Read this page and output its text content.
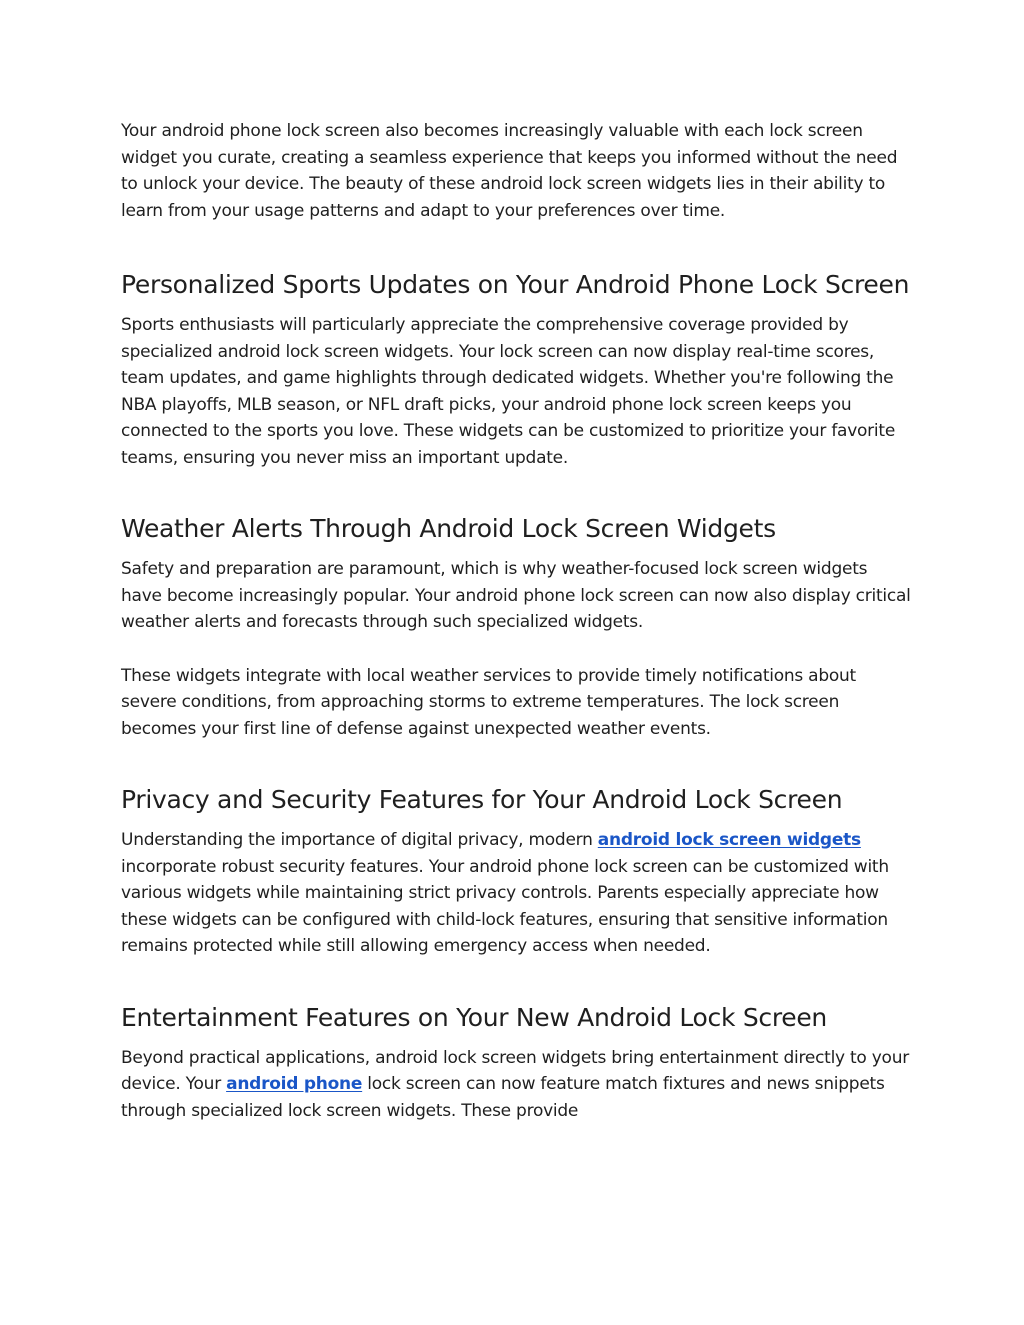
Your android phone lock screen also becomes increasingly valuable with each lock screen widget you curate, creating a seamless experience that keeps you informed without the need to unlock your device. The beauty of these android lock screen widgets lies in their ability to learn from your usage patterns and adapt to your preferences over time.

Personalized Sports Updates on Your Android Phone Lock Screen

Sports enthusiasts will particularly appreciate the comprehensive coverage provided by specialized android lock screen widgets. Your lock screen can now display real-time scores, team updates, and game highlights through dedicated widgets. Whether you're following the NBA playoffs, MLB season, or NFL draft picks, your android phone lock screen keeps you connected to the sports you love. These widgets can be customized to prioritize your favorite teams, ensuring you never miss an important update.

Weather Alerts Through Android Lock Screen Widgets

Safety and preparation are paramount, which is why weather-focused lock screen widgets have become increasingly popular. Your android phone lock screen can now also display critical weather alerts and forecasts through such specialized widgets.

These widgets integrate with local weather services to provide timely notifications about severe conditions, from approaching storms to extreme temperatures. The lock screen becomes your first line of defense against unexpected weather events.

Privacy and Security Features for Your Android Lock Screen

Understanding the importance of digital privacy, modern android lock screen widgets incorporate robust security features. Your android phone lock screen can be customized with various widgets while maintaining strict privacy controls. Parents especially appreciate how these widgets can be configured with child-lock features, ensuring that sensitive information remains protected while still allowing emergency access when needed.

Entertainment Features on Your New Android Lock Screen

Beyond practical applications, android lock screen widgets bring entertainment directly to your device. Your android phone lock screen can now feature match fixtures and news snippets through specialized lock screen widgets. These provide
